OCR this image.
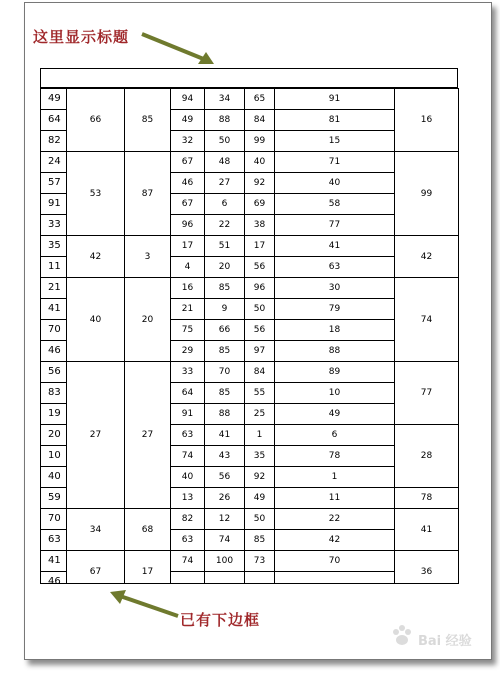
这里显示标题
49	66	85	94	34	65	91	16
64			49	88	84	81	
82			32	50	99	15	
24	53	87	67	48	40	71	99
57			46	27	92	40	
91			67	6	69	58	
33			96	22	38	77	
35	42	3	17	51	17	41	42
11			4	20	56	63	
21	40	20	16	85	96	30	74
41			21	9	50	79	
70			75	66	56	18	
46			29	85	97	88	
56	27	27	33	70	84	89	77
83			64	85	55	10	
19			91	88	25	49	
20			63	41	1	6	28
10			74	43	35	78	
40			40	56	92	1	
59			13	26	49	11	78
70	34	68	82	12	50	22	41
63			63	74	85	42	
41	67	17	74	100	73	70	36
46							
已有下边框
Bai 经验
